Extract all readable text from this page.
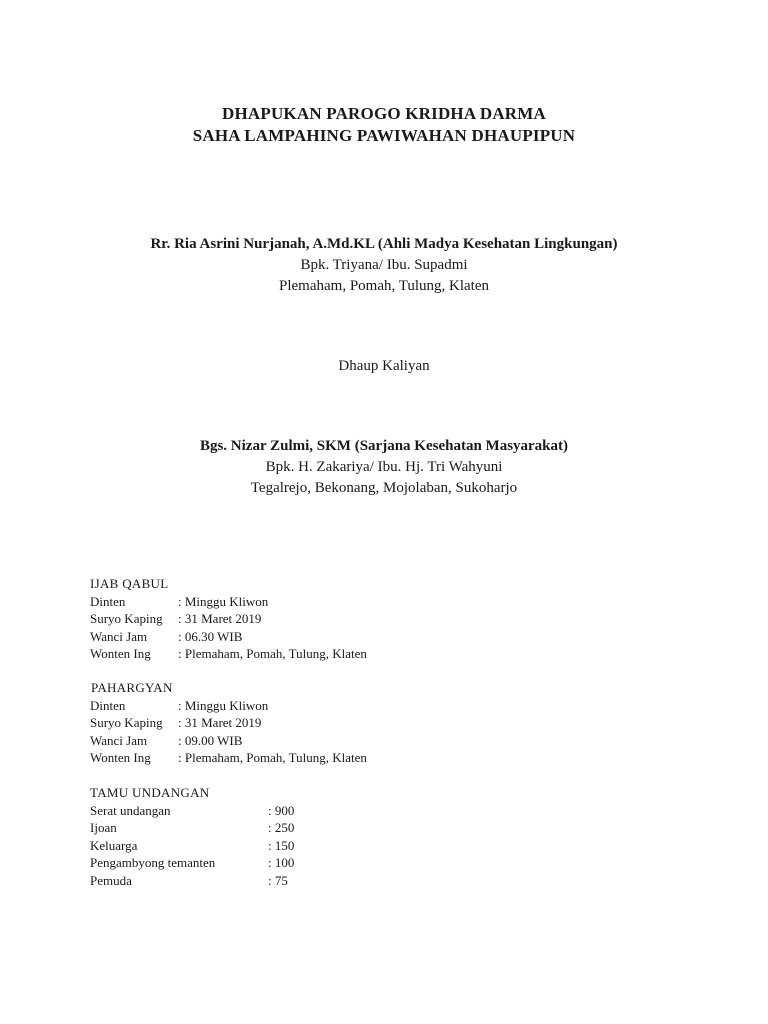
DHAPUKAN PAROGO KRIDHA DARMA
SAHA LAMPAHING PAWIWAHAN DHAUPIPUN
Rr. Ria Asrini Nurjanah, A.Md.KL (Ahli Madya Kesehatan Lingkungan)
Bpk. Triyana/ Ibu. Supadmi
Plemaham, Pomah, Tulung, Klaten
Dhaup Kaliyan
Bgs. Nizar Zulmi, SKM (Sarjana Kesehatan Masyarakat)
Bpk. H. Zakariya/ Ibu. Hj. Tri Wahyuni
Tegalrejo, Bekonang, Mojolaban, Sukoharjo
IJAB QABUL
Dinten	: Minggu Kliwon
Suryo Kaping	: 31 Maret 2019
Wanci Jam	: 06.30 WIB
Wonten Ing	: Plemaham, Pomah, Tulung, Klaten
PAHARGYAN
Dinten	: Minggu Kliwon
Suryo Kaping	: 31 Maret 2019
Wanci Jam	: 09.00 WIB
Wonten Ing	: Plemaham, Pomah, Tulung, Klaten
TAMU UNDANGAN
Serat undangan	: 900
Ijoan	: 250
Keluarga	: 150
Pengambyong temanten	: 100
Pemuda	: 75
